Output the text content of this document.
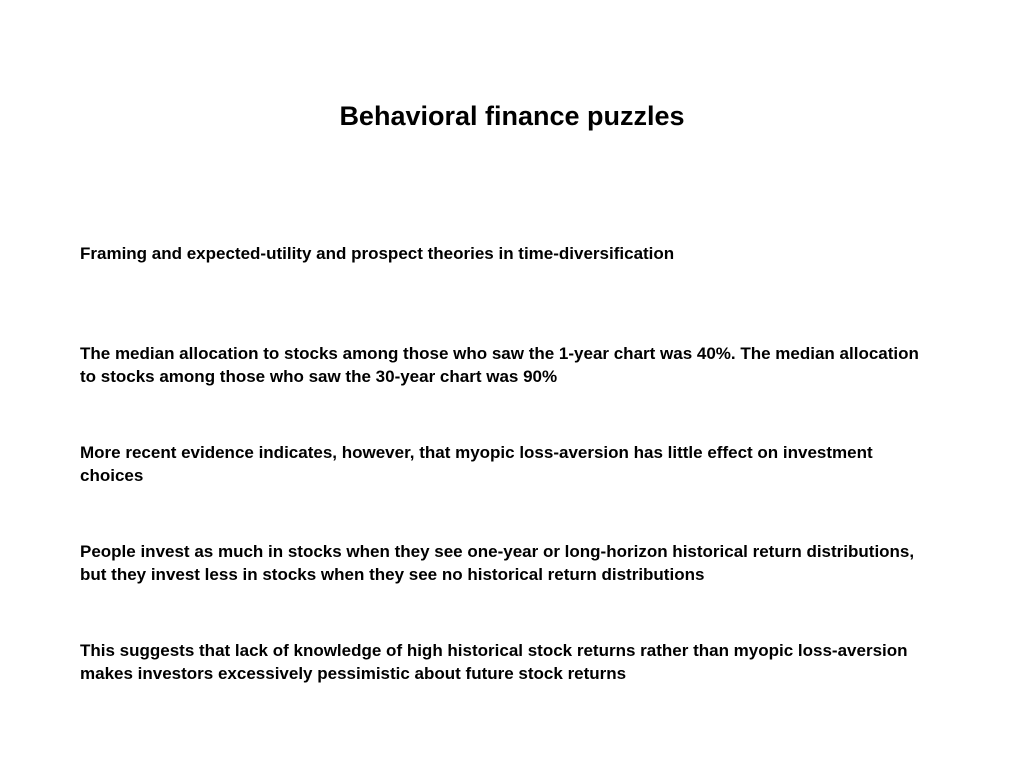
Behavioral finance puzzles

Framing and expected-utility and prospect theories in time-diversification

The median allocation to stocks among those who saw the 1-year chart was 40%. The median allocation to stocks among those who saw the 30-year chart was 90%

More recent evidence indicates, however, that myopic loss-aversion has little effect on investment choices

People invest as much in stocks when they see one-year or long-horizon historical return distributions, but they invest less in stocks when they see no historical return distributions

This suggests that lack of knowledge of high historical stock returns rather than myopic loss-aversion makes investors excessively pessimistic about future stock returns
